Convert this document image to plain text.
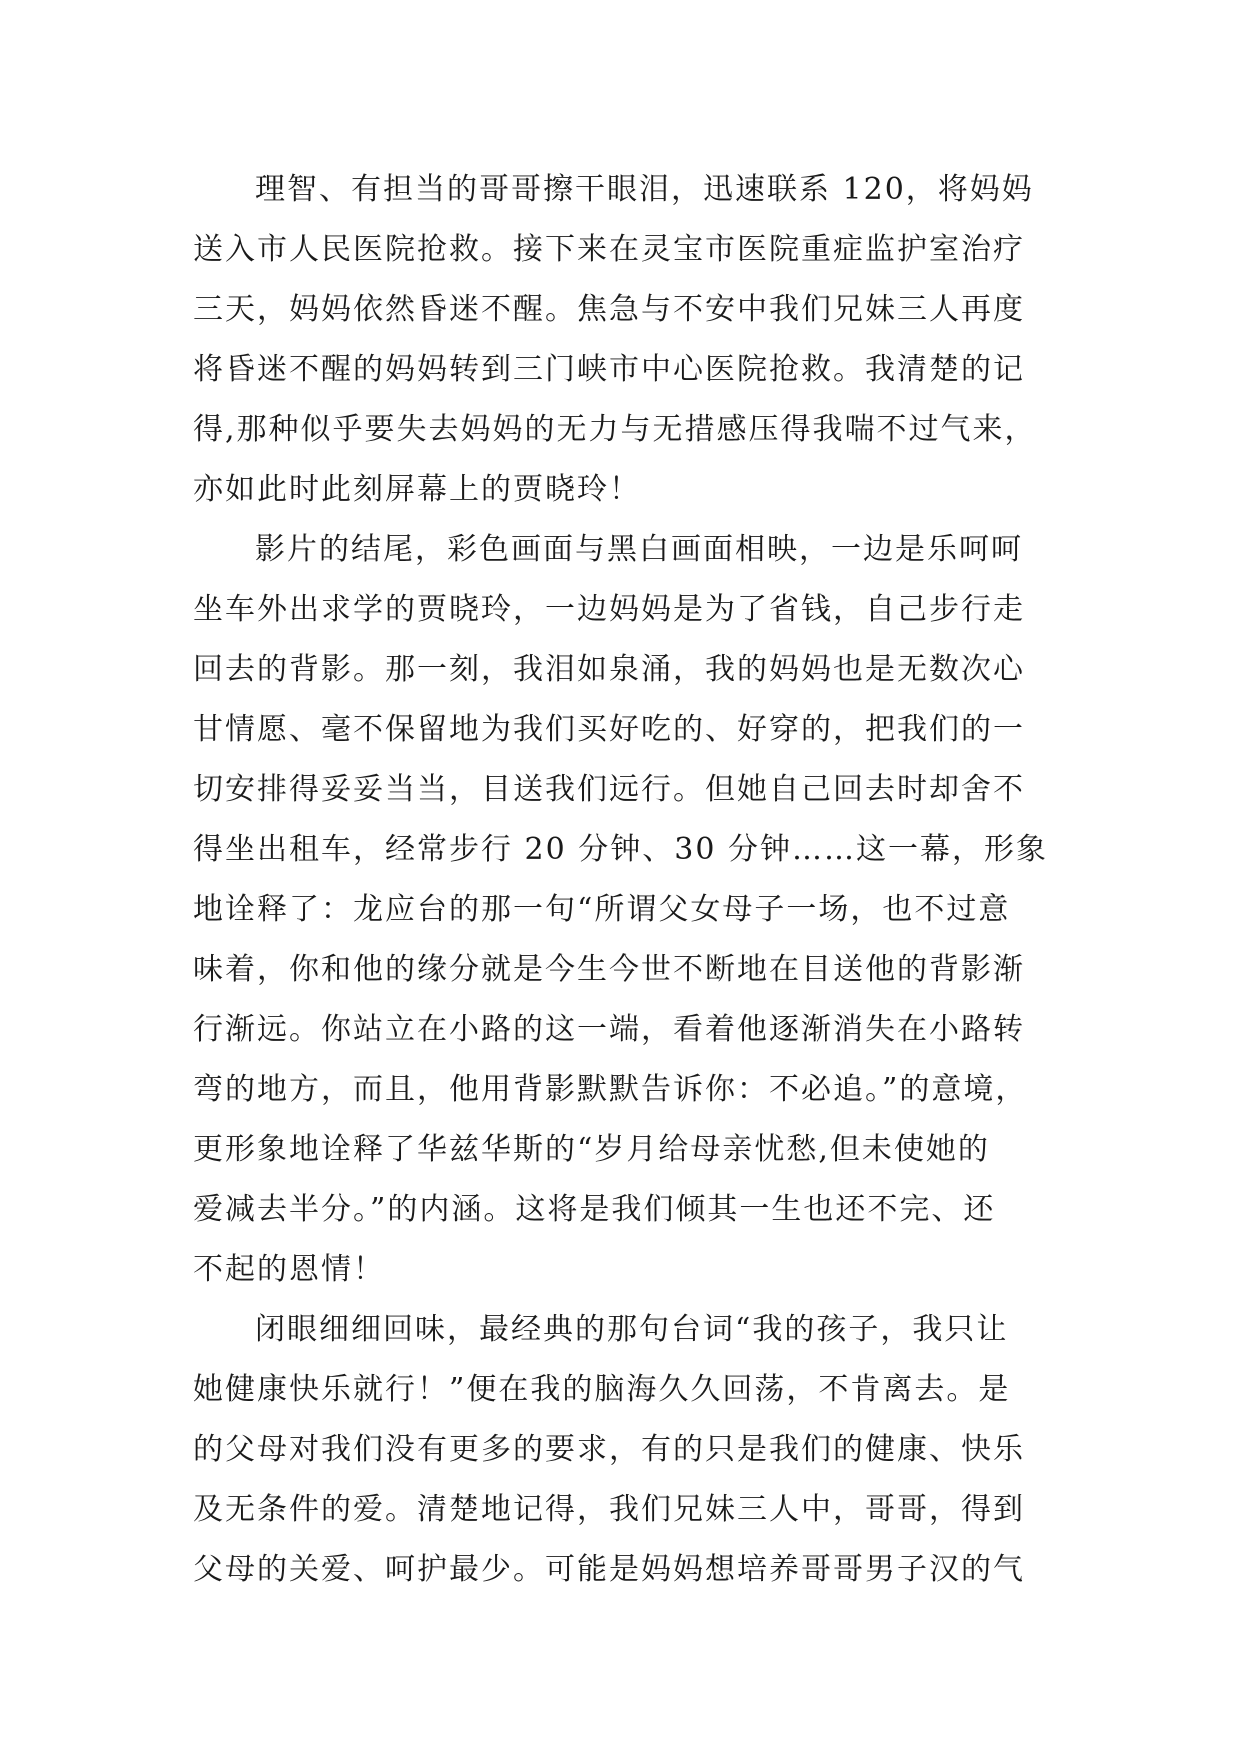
理智、有担当的哥哥擦干眼泪，迅速联系 120，将妈妈

送入市人民医院抢救。接下来在灵宝市医院重症监护室治疗

三天，妈妈依然昏迷不醒。焦急与不安中我们兄妹三人再度

将昏迷不醒的妈妈转到三门峡市中心医院抢救。我清楚的记

得,那种似乎要失去妈妈的无力与无措感压得我喘不过气来，

亦如此时此刻屏幕上的贾晓玲！

影片的结尾，彩色画面与黑白画面相映，一边是乐呵呵

坐车外出求学的贾晓玲，一边妈妈是为了省钱，自己步行走

回去的背影。那一刻，我泪如泉涌，我的妈妈也是无数次心

甘情愿、毫不保留地为我们买好吃的、好穿的，把我们的一

切安排得妥妥当当，目送我们远行。但她自己回去时却舍不

得坐出租车，经常步行 20 分钟、30 分钟……这一幕，形象

地诠释了：龙应台的那一句“所谓父女母子一场，也不过意

味着，你和他的缘分就是今生今世不断地在目送他的背影渐

行渐远。你站立在小路的这一端，看着他逐渐消失在小路转

弯的地方，而且，他用背影默默告诉你：不必追。”的意境，

更形象地诠释了华兹华斯的“岁月给母亲忧愁,但未使她的

爱减去半分。”的内涵。这将是我们倾其一生也还不完、还

不起的恩情！

闭眼细细回味，最经典的那句台词“我的孩子，我只让

她健康快乐就行！”便在我的脑海久久回荡，不肯离去。是

的父母对我们没有更多的要求，有的只是我们的健康、快乐

及无条件的爱。清楚地记得，我们兄妹三人中，哥哥，得到

父母的关爱、呵护最少。可能是妈妈想培养哥哥男子汉的气
